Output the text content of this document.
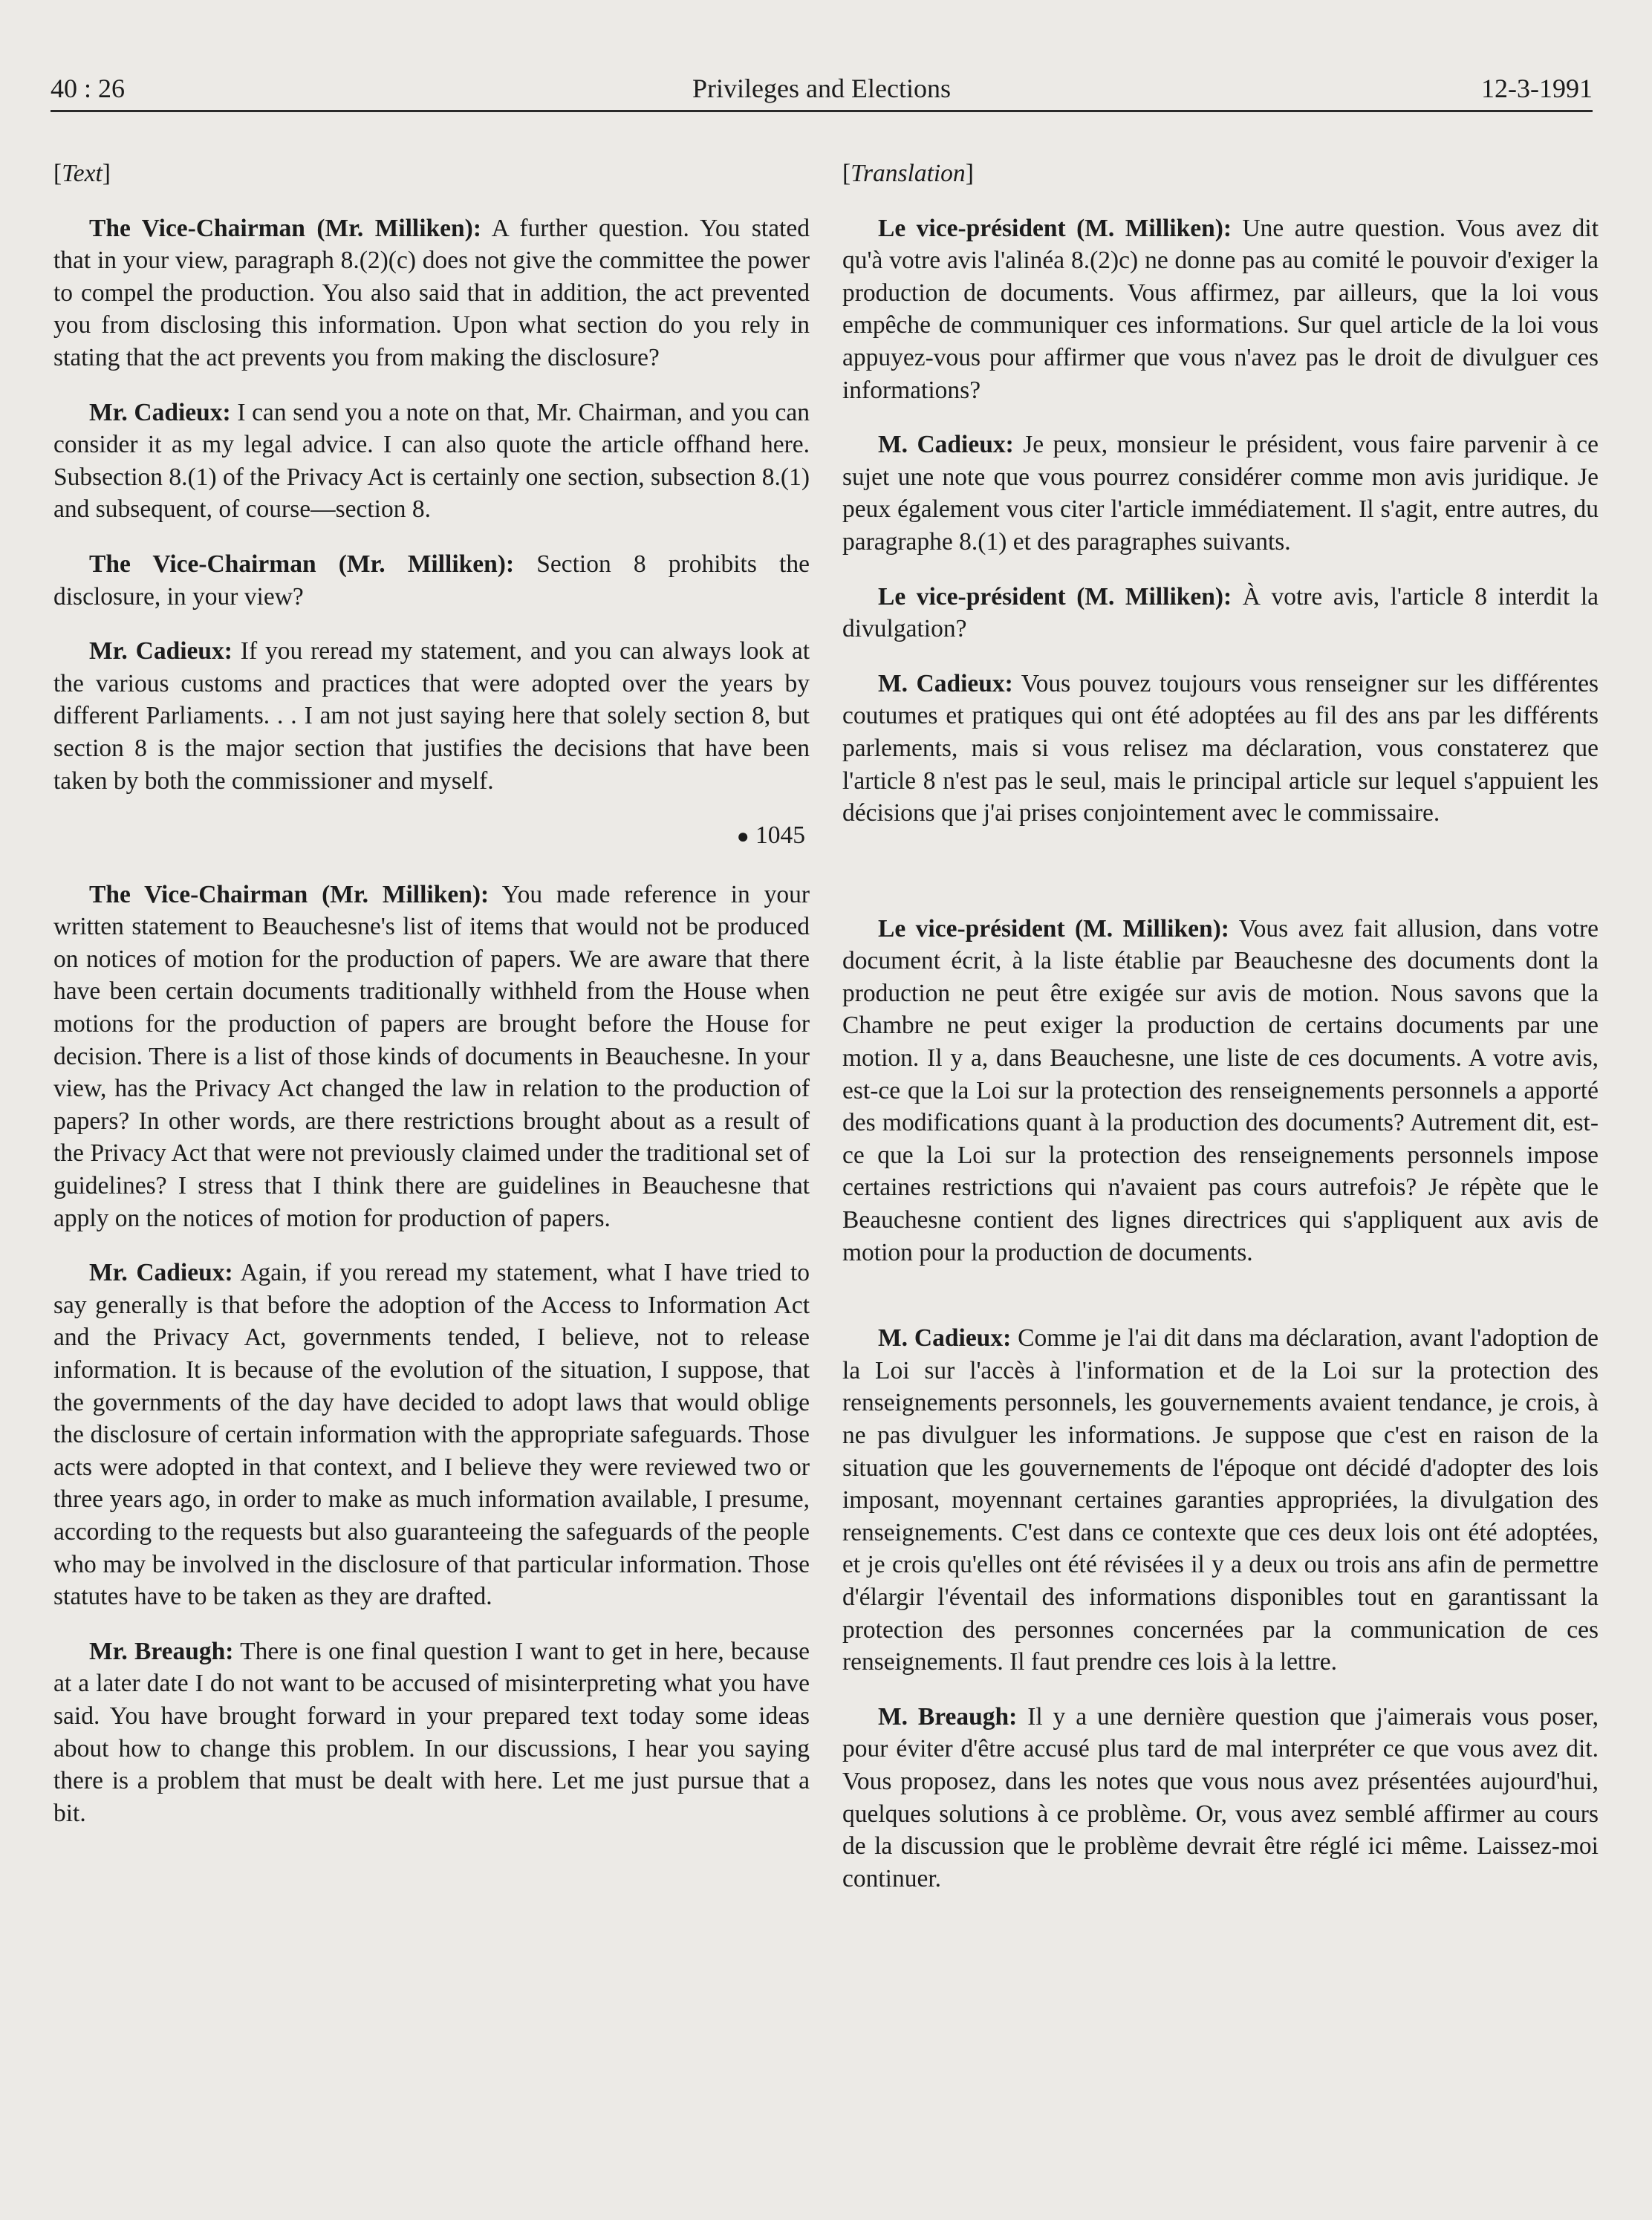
40 : 26	Privileges and Elections	12-3-1991
[Text]

The Vice-Chairman (Mr. Milliken): A further question. You stated that in your view, paragraph 8.(2)(c) does not give the committee the power to compel the production. You also said that in addition, the act prevented you from disclosing this information. Upon what section do you rely in stating that the act prevents you from making the disclosure?

Mr. Cadieux: I can send you a note on that, Mr. Chairman, and you can consider it as my legal advice. I can also quote the article offhand here. Subsection 8.(1) of the Privacy Act is certainly one section, subsection 8.(1) and subsequent, of course—section 8.

The Vice-Chairman (Mr. Milliken): Section 8 prohibits the disclosure, in your view?

Mr. Cadieux: If you reread my statement, and you can always look at the various customs and practices that were adopted over the years by different Parliaments. . . I am not just saying here that solely section 8, but section 8 is the major section that justifies the decisions that have been taken by both the commissioner and myself.

● 1045

The Vice-Chairman (Mr. Milliken): You made reference in your written statement to Beauchesne's list of items that would not be produced on notices of motion for the production of papers. We are aware that there have been certain documents traditionally withheld from the House when motions for the production of papers are brought before the House for decision. There is a list of those kinds of documents in Beauchesne. In your view, has the Privacy Act changed the law in relation to the production of papers? In other words, are there restrictions brought about as a result of the Privacy Act that were not previously claimed under the traditional set of guidelines? I stress that I think there are guidelines in Beauchesne that apply on the notices of motion for production of papers.

Mr. Cadieux: Again, if you reread my statement, what I have tried to say generally is that before the adoption of the Access to Information Act and the Privacy Act, governments tended, I believe, not to release information. It is because of the evolution of the situation, I suppose, that the governments of the day have decided to adopt laws that would oblige the disclosure of certain information with the appropriate safeguards. Those acts were adopted in that context, and I believe they were reviewed two or three years ago, in order to make as much information available, I presume, according to the requests but also guaranteeing the safeguards of the people who may be involved in the disclosure of that particular information. Those statutes have to be taken as they are drafted.

Mr. Breaugh: There is one final question I want to get in here, because at a later date I do not want to be accused of misinterpreting what you have said. You have brought forward in your prepared text today some ideas about how to change this problem. In our discussions, I hear you saying there is a problem that must be dealt with here. Let me just pursue that a bit.

[Translation]

Le vice-président (M. Milliken): Une autre question. Vous avez dit qu'à votre avis l'alinéa 8.(2)c) ne donne pas au comité le pouvoir d'exiger la production de documents. Vous affirmez, par ailleurs, que la loi vous empêche de communiquer ces informations. Sur quel article de la loi vous appuyez-vous pour affirmer que vous n'avez pas le droit de divulguer ces informations?

M. Cadieux: Je peux, monsieur le président, vous faire parvenir à ce sujet une note que vous pourrez considérer comme mon avis juridique. Je peux également vous citer l'article immédiatement. Il s'agit, entre autres, du paragraphe 8.(1) et des paragraphes suivants.

Le vice-président (M. Milliken): À votre avis, l'article 8 interdit la divulgation?

M. Cadieux: Vous pouvez toujours vous renseigner sur les différentes coutumes et pratiques qui ont été adoptées au fil des ans par les différents parlements, mais si vous relisez ma déclaration, vous constaterez que l'article 8 n'est pas le seul, mais le principal article sur lequel s'appuient les décisions que j'ai prises conjointement avec le commissaire.

Le vice-président (M. Milliken): Vous avez fait allusion, dans votre document écrit, à la liste établie par Beauchesne des documents dont la production ne peut être exigée sur avis de motion. Nous savons que la Chambre ne peut exiger la production de certains documents par une motion. Il y a, dans Beauchesne, une liste de ces documents. A votre avis, est-ce que la Loi sur la protection des renseignements personnels a apporté des modifications quant à la production des documents? Autrement dit, est-ce que la Loi sur la protection des renseignements personnels impose certaines restrictions qui n'avaient pas cours autrefois? Je répète que le Beauchesne contient des lignes directrices qui s'appliquent aux avis de motion pour la production de documents.

M. Cadieux: Comme je l'ai dit dans ma déclaration, avant l'adoption de la Loi sur l'accès à l'information et de la Loi sur la protection des renseignements personnels, les gouvernements avaient tendance, je crois, à ne pas divulguer les informations. Je suppose que c'est en raison de la situation que les gouvernements de l'époque ont décidé d'adopter des lois imposant, moyennant certaines garanties appropriées, la divulgation des renseignements. C'est dans ce contexte que ces deux lois ont été adoptées, et je crois qu'elles ont été révisées il y a deux ou trois ans afin de permettre d'élargir l'éventail des informations disponibles tout en garantissant la protection des personnes concernées par la communication de ces renseignements. Il faut prendre ces lois à la lettre.

M. Breaugh: Il y a une dernière question que j'aimerais vous poser, pour éviter d'être accusé plus tard de mal interpréter ce que vous avez dit. Vous proposez, dans les notes que vous nous avez présentées aujourd'hui, quelques solutions à ce problème. Or, vous avez semblé affirmer au cours de la discussion que le problème devrait être réglé ici même. Laissez-moi continuer.
